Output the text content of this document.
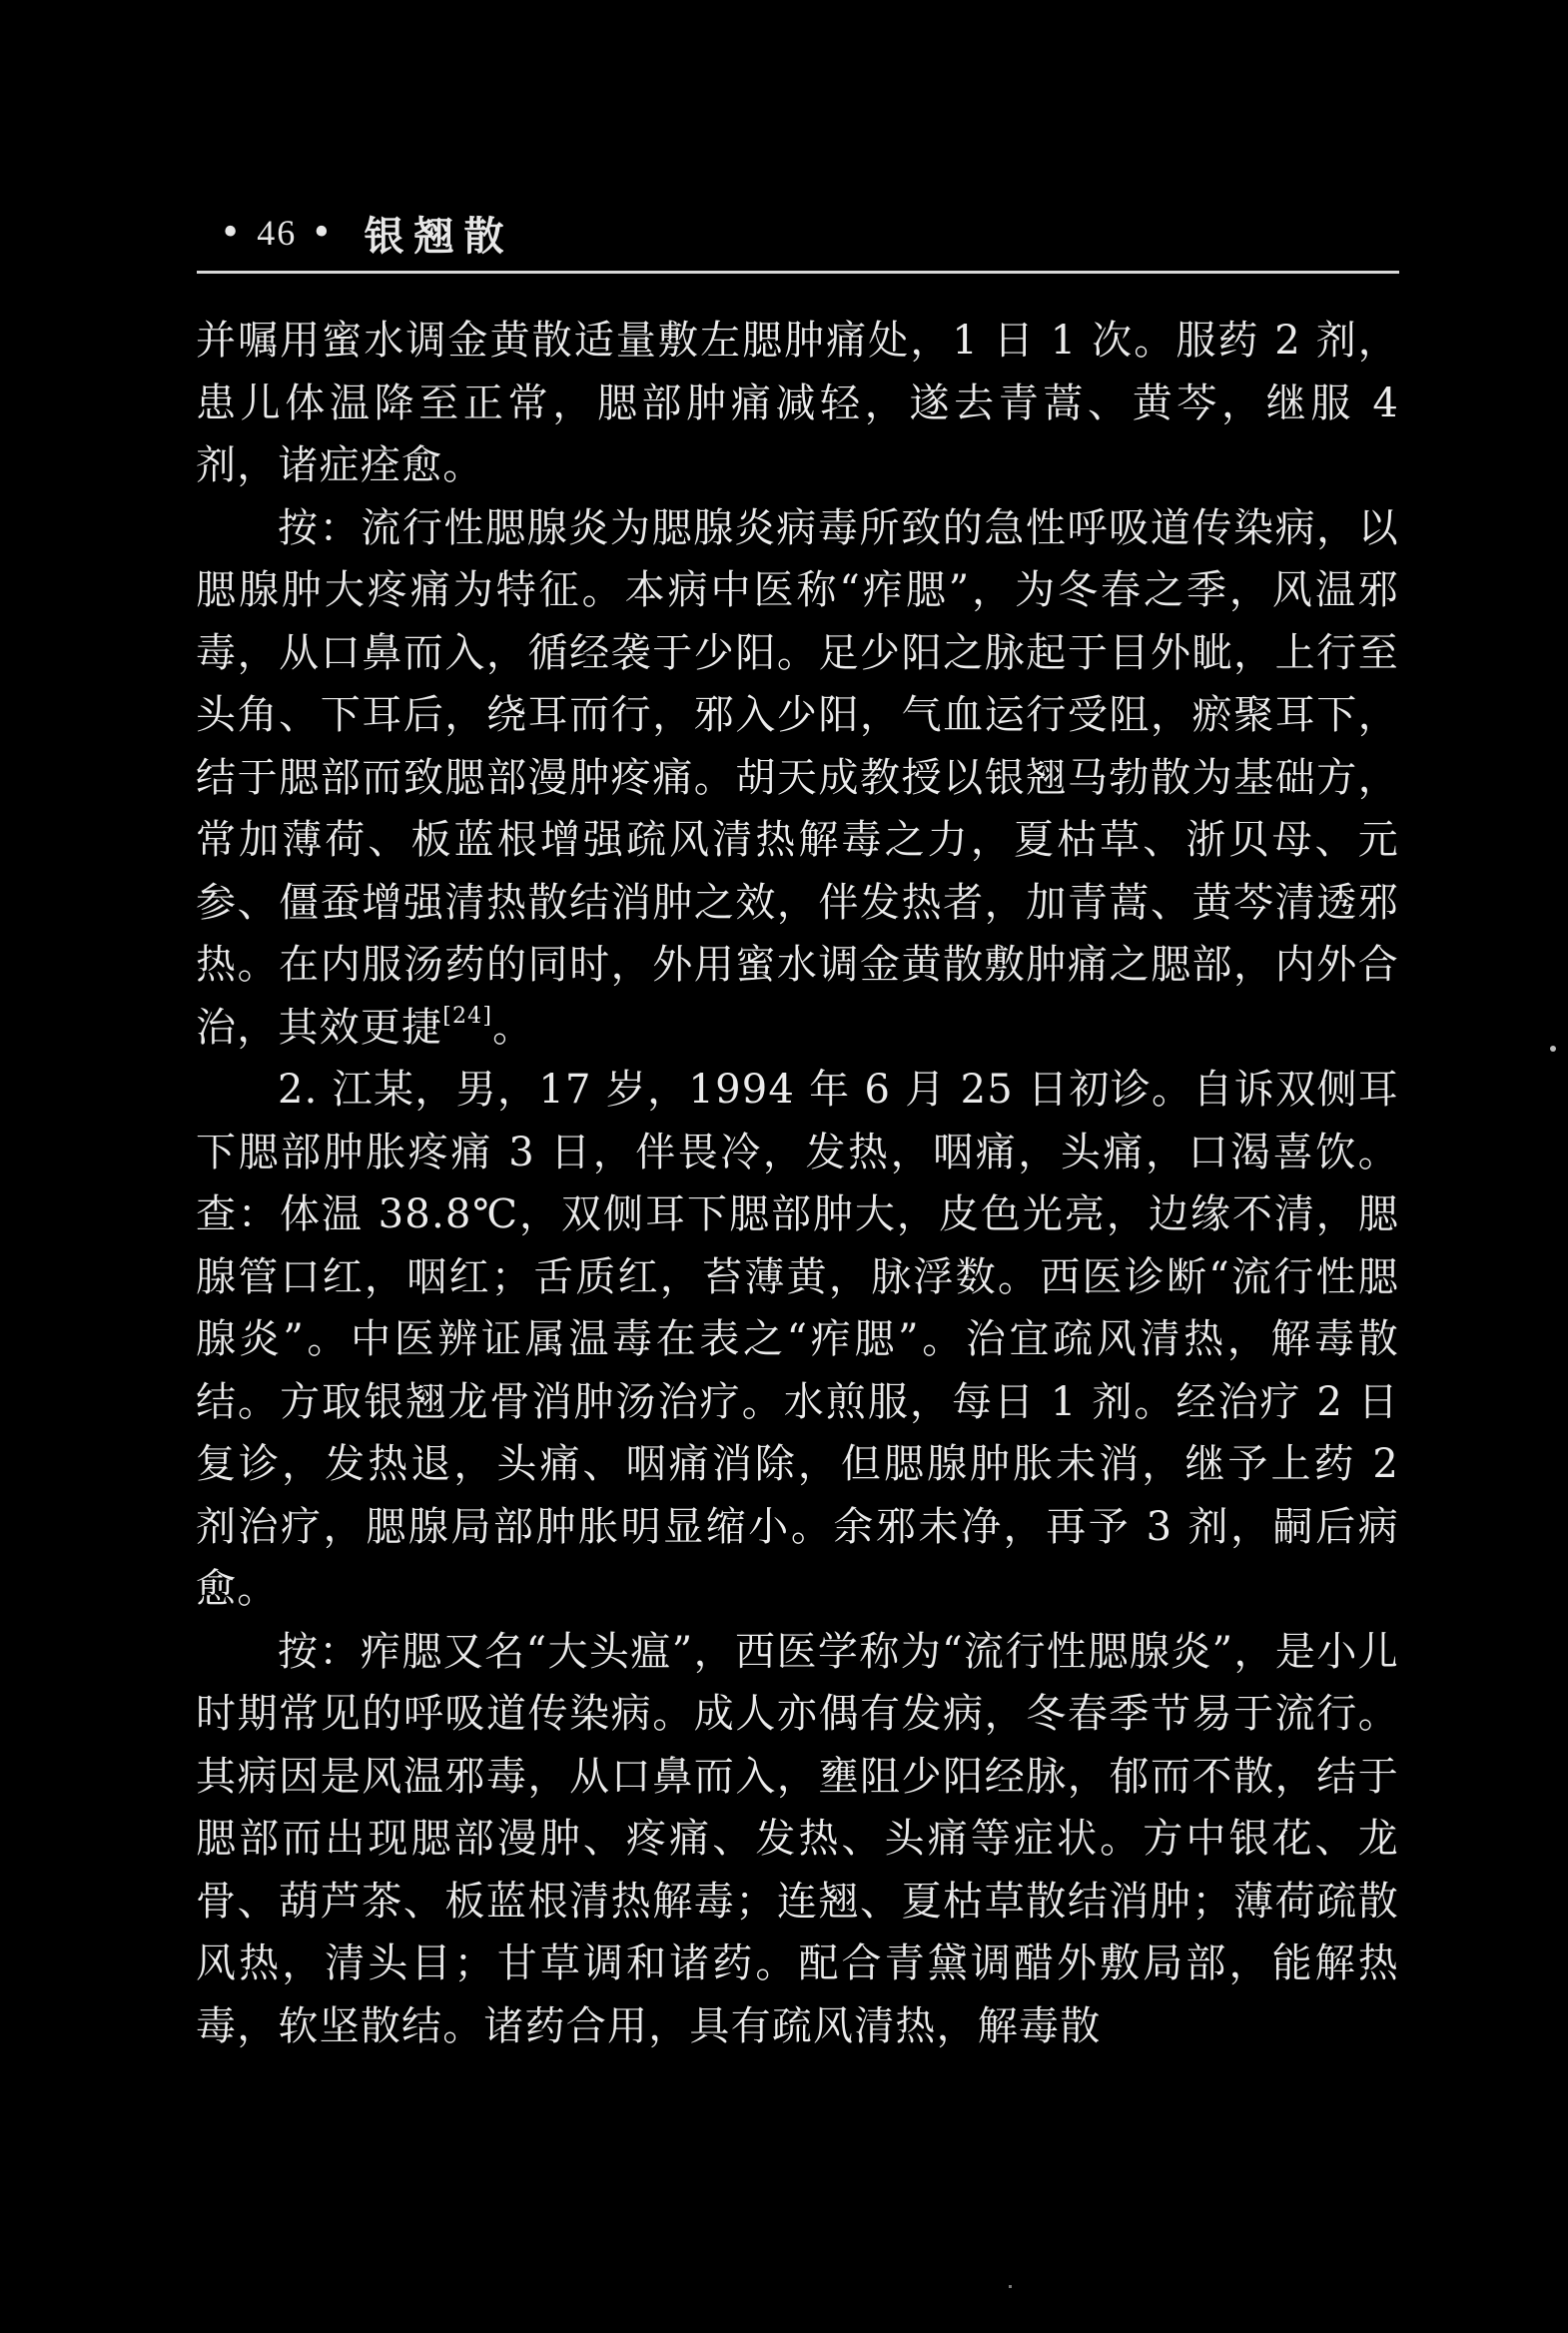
• 46 • 银翘散

并嘱用蜜水调金黄散适量敷左腮肿痛处，1 日 1 次。服药 2 剂，患儿体温降至正常，腮部肿痛减轻，遂去青蒿、黄芩，继服 4 剂，诸症痊愈。

按：流行性腮腺炎为腮腺炎病毒所致的急性呼吸道传染病，以腮腺肿大疼痛为特征。本病中医称“痄腮”，为冬春之季，风温邪毒，从口鼻而入，循经袭于少阳。足少阳之脉起于目外眦，上行至头角、下耳后，绕耳而行，邪入少阳，气血运行受阻，瘀聚耳下，结于腮部而致腮部漫肿疼痛。胡天成教授以银翘马勃散为基础方，常加薄荷、板蓝根增强疏风清热解毒之力，夏枯草、浙贝母、元参、僵蚕增强清热散结消肿之效，伴发热者，加青蒿、黄芩清透邪热。在内服汤药的同时，外用蜜水调金黄散敷肿痛之腮部，内外合治，其效更捷[24]。

2. 江某，男，17 岁，1994 年 6 月 25 日初诊。自诉双侧耳下腮部肿胀疼痛 3 日，伴畏冷，发热，咽痛，头痛，口渴喜饮。查：体温 38.8℃，双侧耳下腮部肿大，皮色光亮，边缘不清，腮腺管口红，咽红；舌质红，苔薄黄，脉浮数。西医诊断“流行性腮腺炎”。中医辨证属温毒在表之“痄腮”。治宜疏风清热，解毒散结。方取银翘龙骨消肿汤治疗。水煎服，每日 1 剂。经治疗 2 日复诊，发热退，头痛、咽痛消除，但腮腺肿胀未消，继予上药 2 剂治疗，腮腺局部肿胀明显缩小。余邪未净，再予 3 剂，嗣后病愈。

按：痄腮又名“大头瘟”，西医学称为“流行性腮腺炎”，是小儿时期常见的呼吸道传染病。成人亦偶有发病，冬春季节易于流行。其病因是风温邪毒，从口鼻而入，壅阻少阳经脉，郁而不散，结于腮部而出现腮部漫肿、疼痛、发热、头痛等症状。方中银花、龙骨、葫芦茶、板蓝根清热解毒；连翘、夏枯草散结消肿；薄荷疏散风热，清头目；甘草调和诸药。配合青黛调醋外敷局部，能解热毒，软坚散结。诸药合用，具有疏风清热，解毒散
